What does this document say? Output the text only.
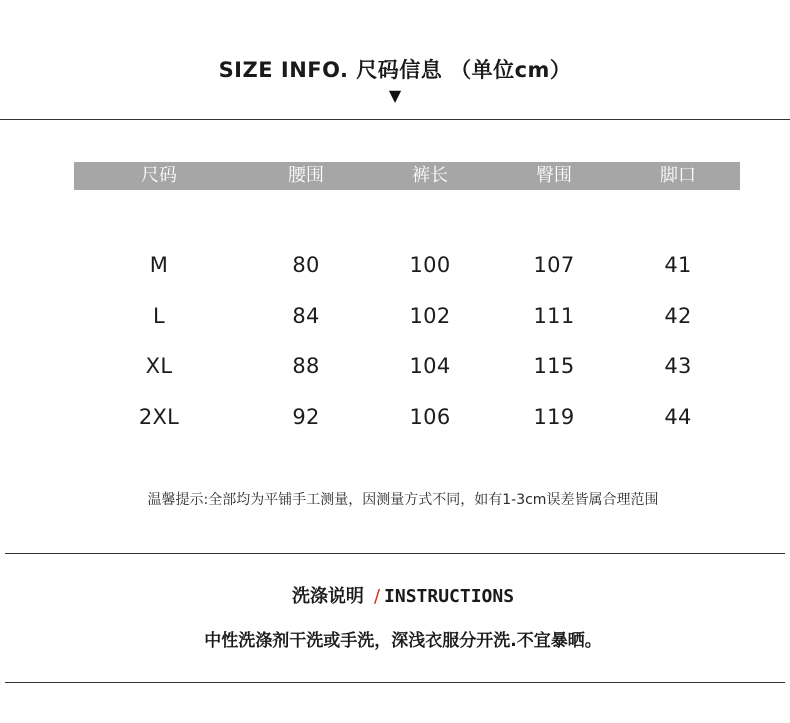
SIZE INFO. 尺码信息 （单位cm）
▼
尺码	腰围	裤长	臀围	脚口
M	80	100	107	41
L	84	102	111	42
XL	88	104	115	43
2XL	92	106	119	44
温馨提示:全部均为平铺手工测量，因测量方式不同，如有1-3cm误差皆属合理范围
洗涤说明 / INSTRUCTIONS
中性洗涤剂干洗或手洗，深浅衣服分开洗.不宜暴晒。
